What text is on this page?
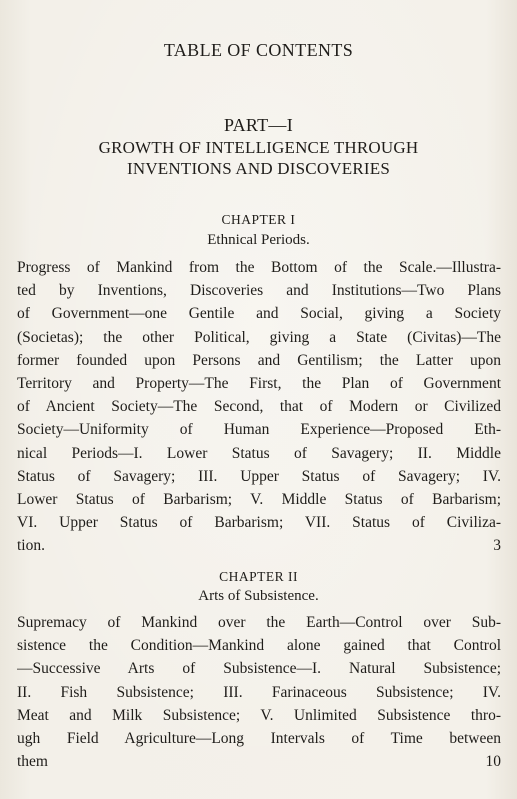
TABLE OF CONTENTS
PART—I
GROWTH OF INTELLIGENCE THROUGH
INVENTIONS AND DISCOVERIES
CHAPTER I
Ethnical Periods.
Progress of Mankind from the Bottom of the Scale.—Illustra-
ted by Inventions, Discoveries and Institutions—Two Plans
of Government—one Gentile and Social, giving a Society
(Societas); the other Political, giving a State (Civitas)—The
former founded upon Persons and Gentilism; the Latter upon
Territory and Property—The First, the Plan of Government
of Ancient Society—The Second, that of Modern or Civilized
Society—Uniformity of Human Experience—Proposed Eth-
nical Periods—I. Lower Status of Savagery; II. Middle
Status of Savagery; III. Upper Status of Savagery; IV.
Lower Status of Barbarism; V. Middle Status of Barbarism;
VI. Upper Status of Barbarism; VII. Status of Civiliza-
tion.	3
CHAPTER II
Arts of Subsistence.
Supremacy of Mankind over the Earth—Control over Sub-
sistence the Condition—Mankind alone gained that Control
—Successive Arts of Subsistence—I. Natural Subsistence;
II. Fish Subsistence; III. Farinaceous Subsistence; IV.
Meat and Milk Subsistence; V. Unlimited Subsistence thro-
ugh Field Agriculture—Long Intervals of Time between
them	10
